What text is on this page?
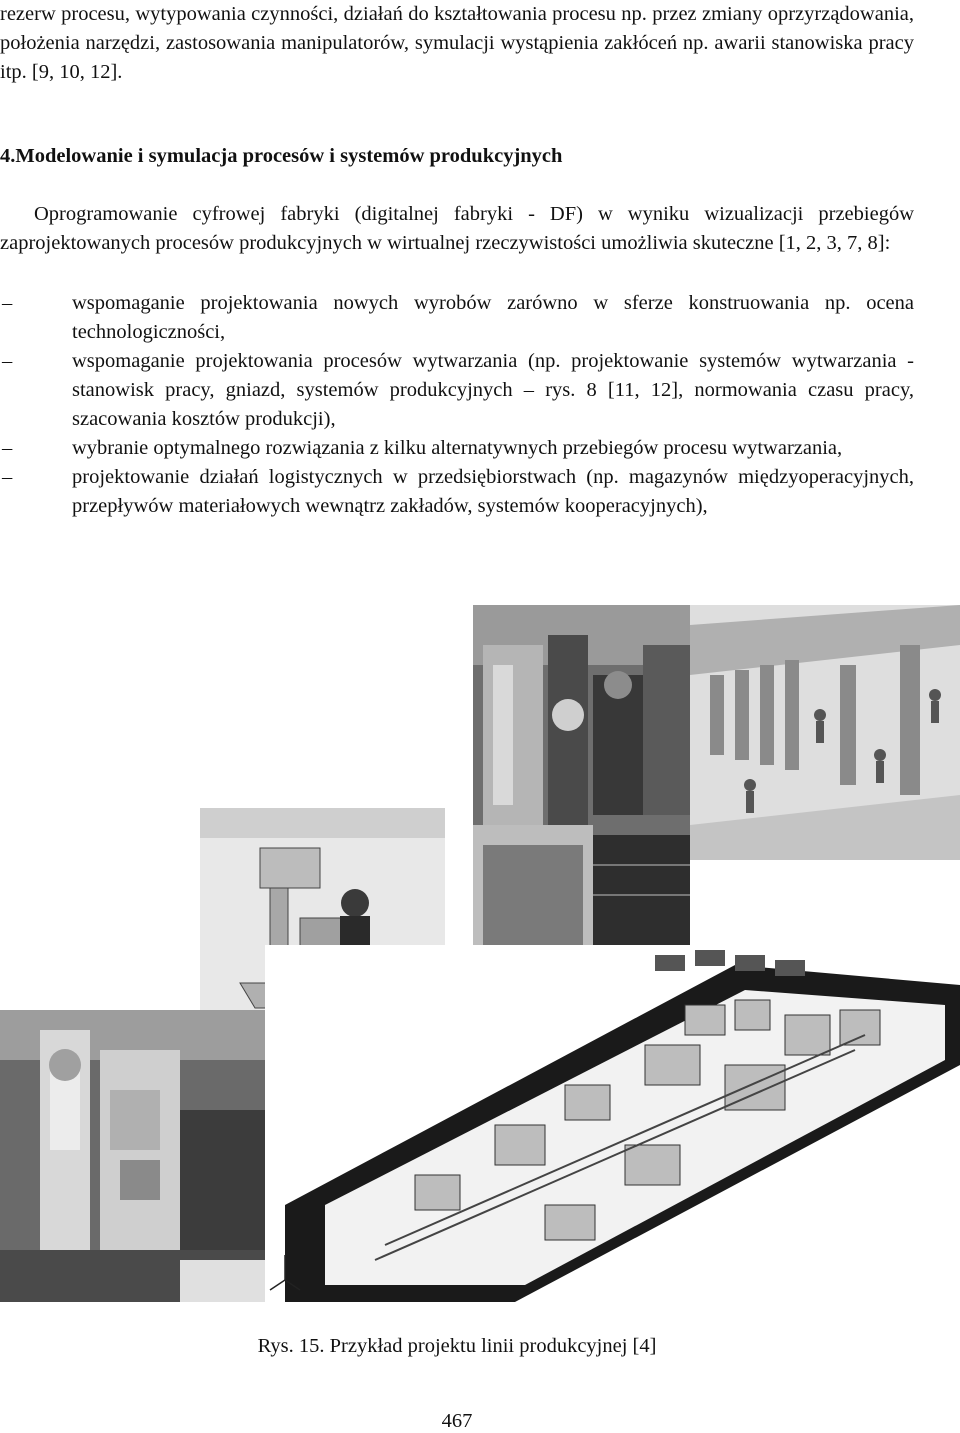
rezerw procesu, wytypowania czynności, działań do kształtowania procesu np. przez zmiany oprzyrządowania, położenia narzędzi, zastosowania manipulatorów, symulacji wystąpienia zakłóceń np. awarii stanowiska pracy itp. [9, 10, 12].
4.Modelowanie i symulacja procesów i systemów produkcyjnych
Oprogramowanie cyfrowej fabryki (digitalnej fabryki - DF) w wyniku wizualizacji przebiegów zaprojektowanych procesów produkcyjnych w wirtualnej rzeczywistości umożliwia skuteczne [1, 2, 3, 7, 8]:
–	wspomaganie projektowania nowych wyrobów zarówno w sferze konstruowania np. ocena technologiczności,
–	wspomaganie projektowania procesów wytwarzania (np. projektowanie systemów wytwarzania - stanowisk pracy, gniazd, systemów produkcyjnych – rys. 8 [11, 12], normowania czasu pracy, szacowania kosztów produkcji),
–	wybranie optymalnego rozwiązania z kilku alternatywnych przebiegów procesu wytwarzania,
–	projektowanie działań logistycznych w przedsiębiorstwach (np. magazynów międzyoperacyjnych, przepływów materiałowych wewnątrz zakładów, systemów kooperacyjnych),
Rys. 15. Przykład projektu linii produkcyjnej [4]
467
